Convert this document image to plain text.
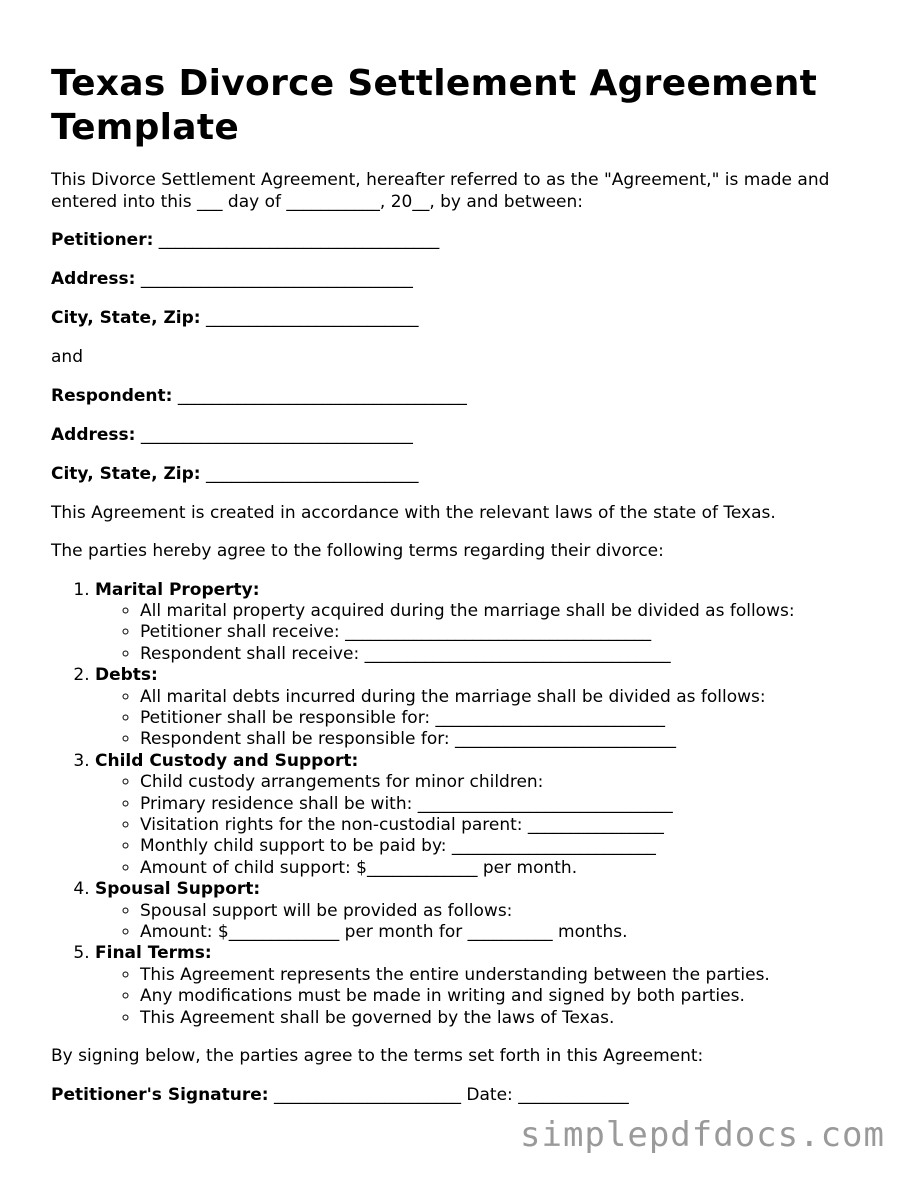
Texas Divorce Settlement Agreement Template

This Divorce Settlement Agreement, hereafter referred to as the "Agreement," is made and entered into this ___ day of ___________, 20__, by and between:

Petitioner: _________________________________
Address: ________________________________
City, State, Zip: _________________________

and

Respondent: __________________________________
Address: ________________________________
City, State, Zip: _________________________

This Agreement is created in accordance with the relevant laws of the state of Texas.

The parties hereby agree to the following terms regarding their divorce:

1. Marital Property:
◦ All marital property acquired during the marriage shall be divided as follows:
◦ Petitioner shall receive: ____________________________________
◦ Respondent shall receive: ____________________________________
2. Debts:
◦ All marital debts incurred during the marriage shall be divided as follows:
◦ Petitioner shall be responsible for: ___________________________
◦ Respondent shall be responsible for: __________________________
3. Child Custody and Support:
◦ Child custody arrangements for minor children:
◦ Primary residence shall be with: ______________________________
◦ Visitation rights for the non-custodial parent: ________________
◦ Monthly child support to be paid by: ________________________
◦ Amount of child support: $_____________ per month.
4. Spousal Support:
◦ Spousal support will be provided as follows:
◦ Amount: $_____________ per month for __________ months.
5. Final Terms:
◦ This Agreement represents the entire understanding between the parties.
◦ Any modifications must be made in writing and signed by both parties.
◦ This Agreement shall be governed by the laws of Texas.

By signing below, the parties agree to the terms set forth in this Agreement:

Petitioner's Signature: ______________________ Date: _____________
simplepdfdocs.com
